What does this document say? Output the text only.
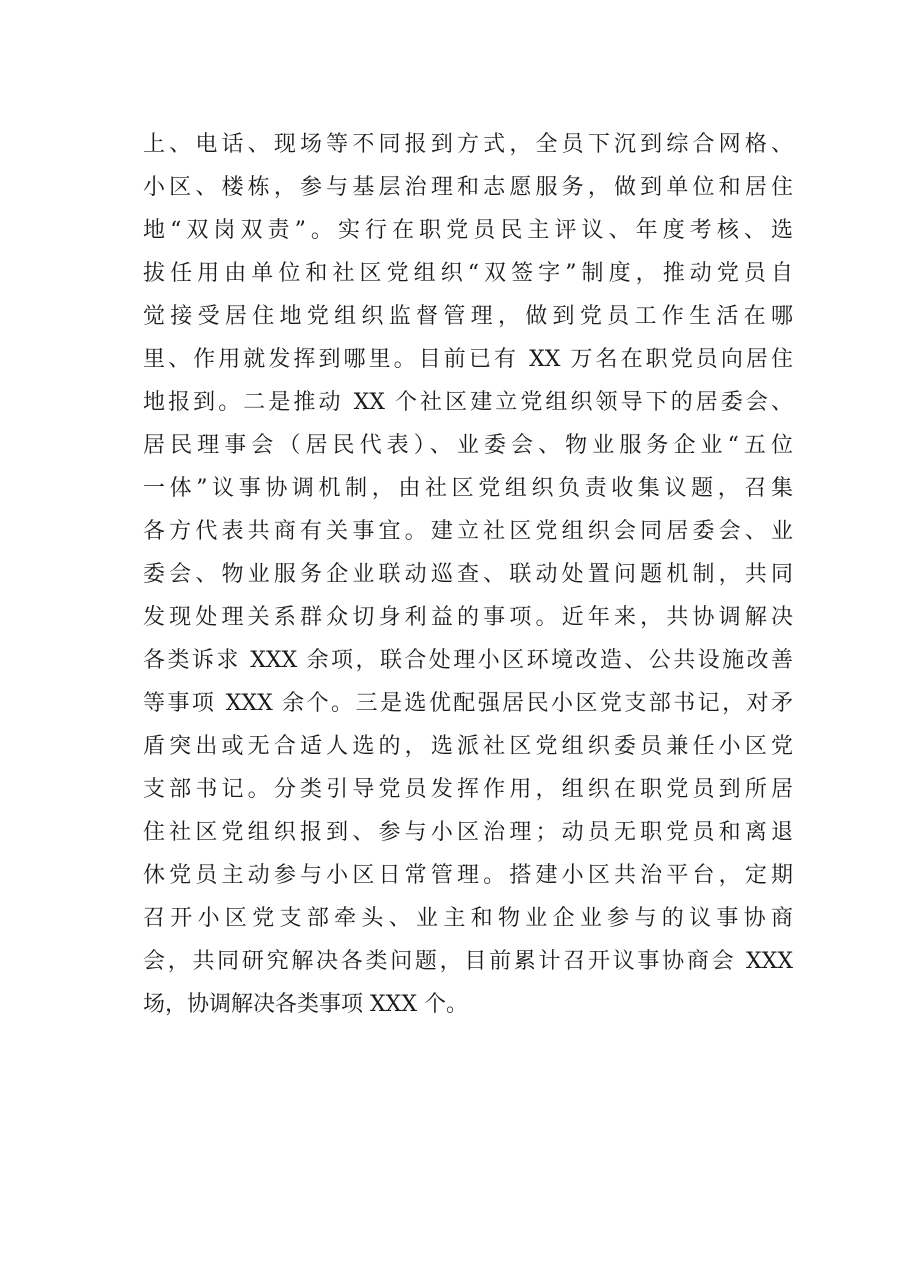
上、电话、现场等不同报到方式，全员下沉到综合网格、
小区、楼栋，参与基层治理和志愿服务，做到单位和居住
地“双岗双责”。实行在职党员民主评议、年度考核、选
拔任用由单位和社区党组织“双签字”制度，推动党员自
觉接受居住地党组织监督管理，做到党员工作生活在哪
里、作用就发挥到哪里。目前已有 XX 万名在职党员向居住
地报到。二是推动 XX 个社区建立党组织领导下的居委会、
居民理事会（居民代表）、业委会、物业服务企业“五位
一体”议事协调机制，由社区党组织负责收集议题，召集
各方代表共商有关事宜。建立社区党组织会同居委会、业
委会、物业服务企业联动巡查、联动处置问题机制，共同
发现处理关系群众切身利益的事项。近年来，共协调解决
各类诉求 XXX 余项，联合处理小区环境改造、公共设施改善
等事项 XXX 余个。三是选优配强居民小区党支部书记，对矛
盾突出或无合适人选的，选派社区党组织委员兼任小区党
支部书记。分类引导党员发挥作用，组织在职党员到所居
住社区党组织报到、参与小区治理；动员无职党员和离退
休党员主动参与小区日常管理。搭建小区共治平台，定期
召开小区党支部牵头、业主和物业企业参与的议事协商
会，共同研究解决各类问题，目前累计召开议事协商会 XXX
场，协调解决各类事项 XXX 个。
